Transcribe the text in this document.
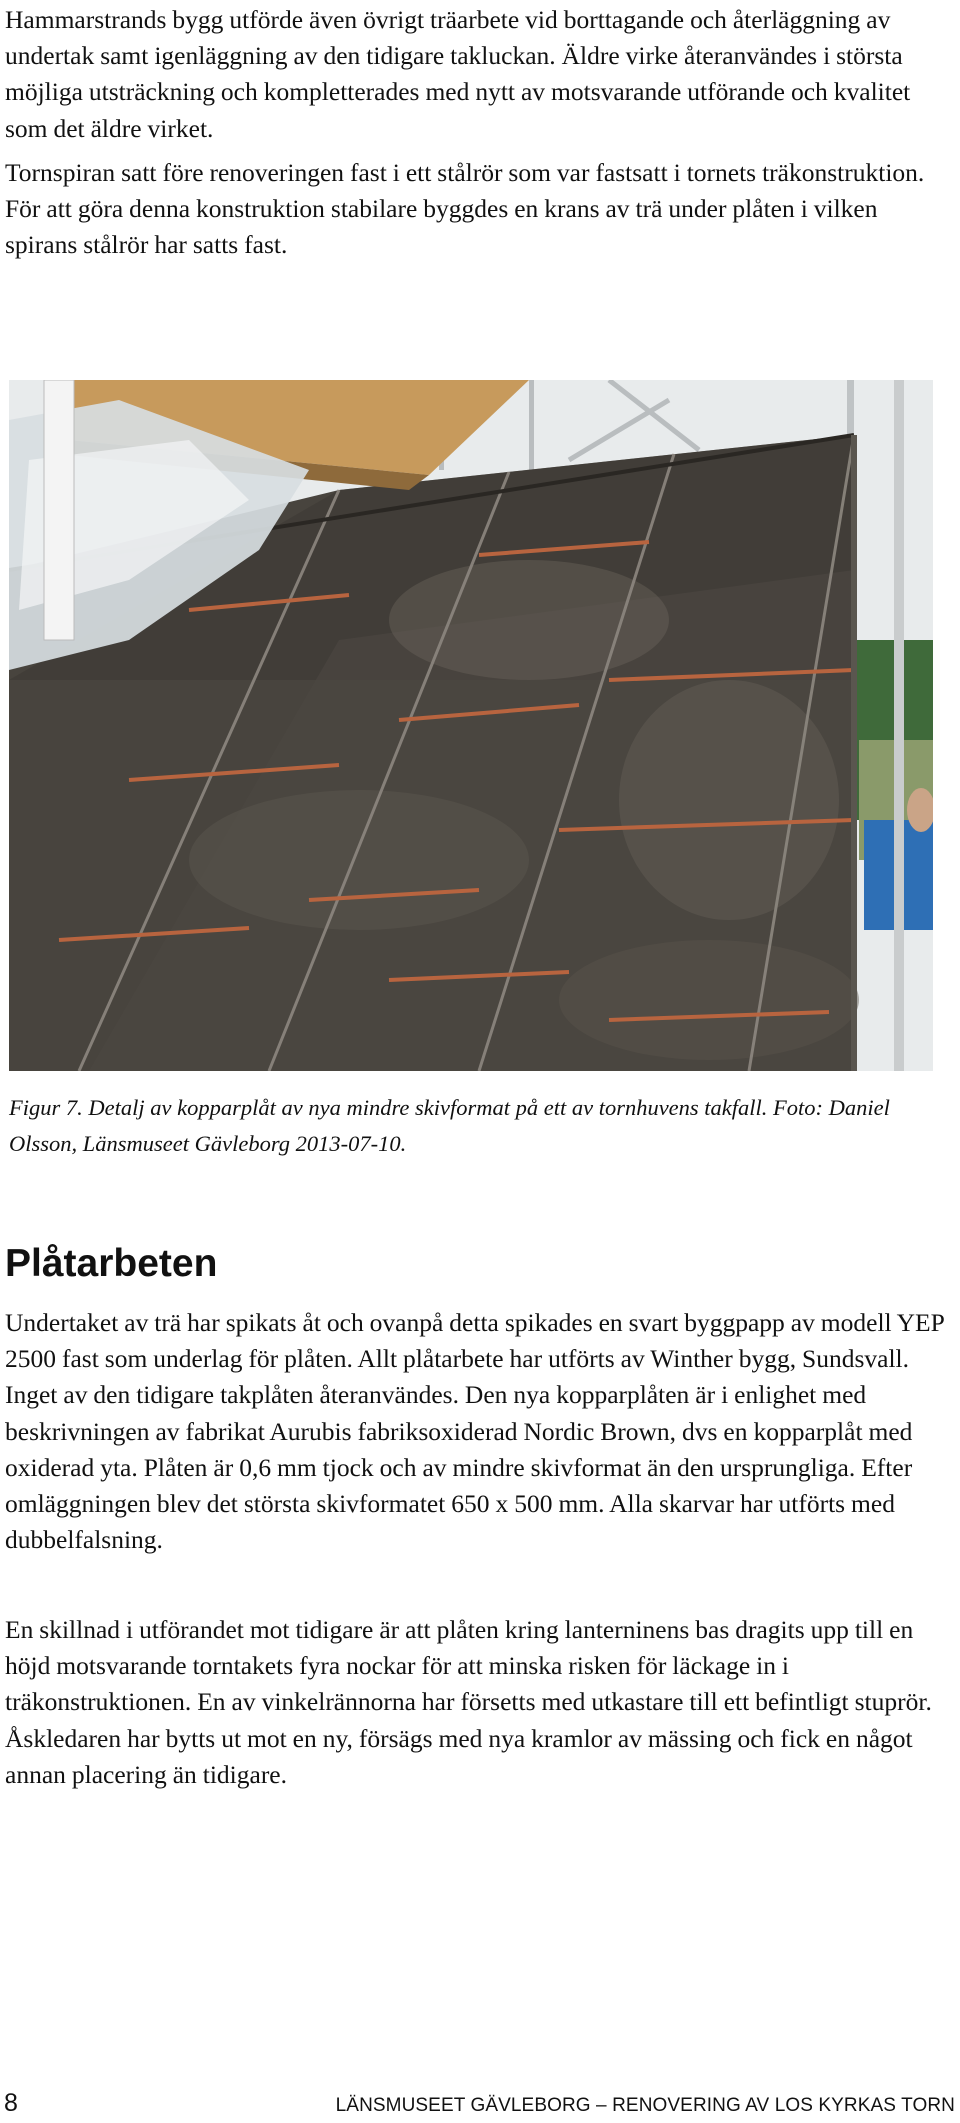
Hammarstrands bygg utförde även övrigt träarbete vid borttagande och återläggning av undertak samt igenläggning av den tidigare takluckan. Äldre virke återanvändes i största möjliga utsträckning och kompletterades med nytt av motsvarande utförande och kvalitet som det äldre virket.

Tornspiran satt före renoveringen fast i ett stålrör som var fastsatt i tornets träkonstruktion. För att göra denna konstruktion stabilare byggdes en krans av trä under plåten i vilken spirans stålrör har satts fast.

Figur 7. Detalj av kopparplåt av nya mindre skivformat på ett av tornhuvens takfall. Foto: Daniel Olsson, Länsmuseet Gävleborg 2013-07-10.

Plåtarbeten

Undertaket av trä har spikats åt och ovanpå detta spikades en svart byggpapp av modell YEP 2500 fast som underlag för plåten. Allt plåtarbete har utförts av Winther bygg, Sundsvall. Inget av den tidigare takplåten återanvändes. Den nya kopparplåten är i enlighet med beskrivningen av fabrikat Aurubis fabriksoxiderad Nordic Brown, dvs en kopparplåt med oxiderad yta. Plåten är 0,6 mm tjock och av mindre skivformat än den ursprungliga. Efter omläggningen blev det största skivformatet 650 x 500 mm. Alla skarvar har utförts med dubbelfalsning.

En skillnad i utförandet mot tidigare är att plåten kring lanterninens bas dragits upp till en höjd motsvarande torntakets fyra nockar för att minska risken för läckage in i träkonstruktionen. En av vinkelrännorna har försetts med utkastare till ett befintligt stuprör. Åskledaren har bytts ut mot en ny, försägs med nya kramlor av mässing och fick en något annan placering än tidigare.

8	LÄNSMUSEET GÄVLEBORG – RENOVERING AV LOS KYRKAS TORN
